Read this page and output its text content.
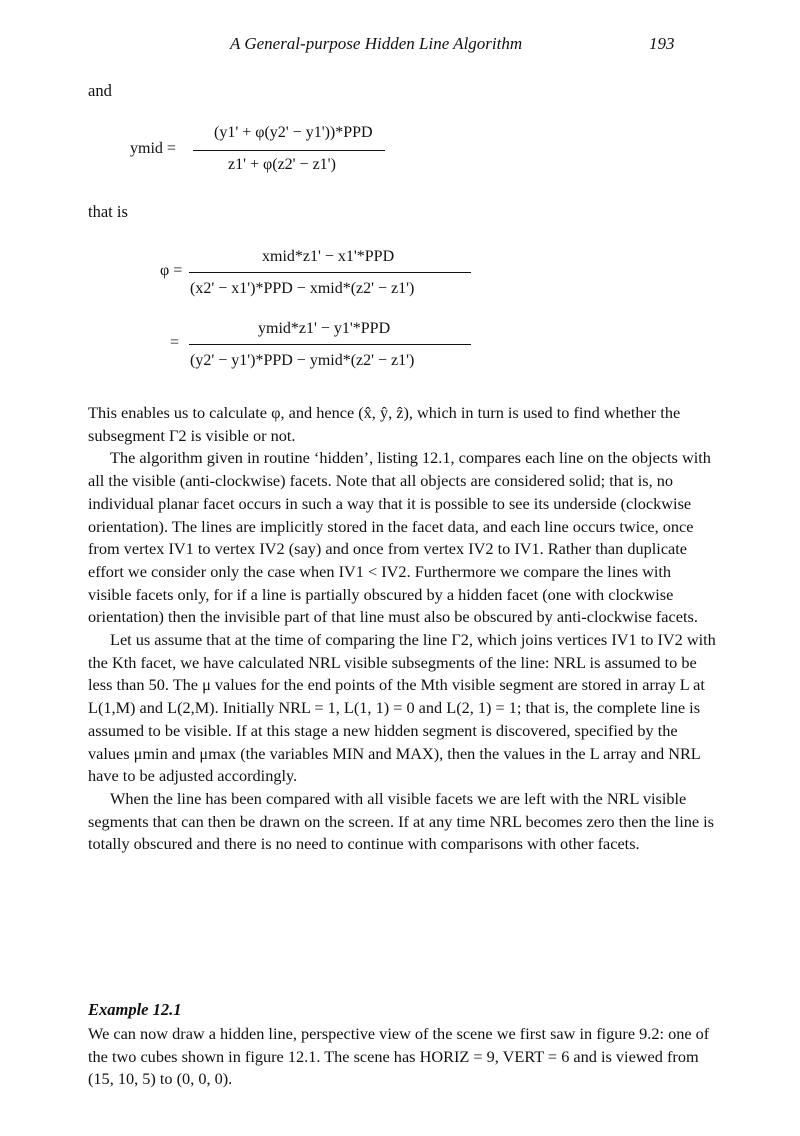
A General-purpose Hidden Line Algorithm	193
and
ymid =
(y1' + φ(y2' − y1'))*PPD
z1' + φ(z2' − z1')
that is
φ =
xmid*z1' − x1'*PPD
(x2' − x1')*PPD − xmid*(z2' − z1')
=
ymid*z1' − y1'*PPD
(y2' − y1')*PPD − ymid*(z2' − z1')

This enables us to calculate φ, and hence (x̂, ŷ, ẑ), which in turn is used to find whether the subsegment Γ2 is visible or not.

The algorithm given in routine ‘hidden’, listing 12.1, compares each line on the objects with all the visible (anti-clockwise) facets. Note that all objects are considered solid; that is, no individual planar facet occurs in such a way that it is possible to see its underside (clockwise orientation). The lines are implicitly stored in the facet data, and each line occurs twice, once from vertex IV1 to vertex IV2 (say) and once from vertex IV2 to IV1. Rather than duplicate effort we consider only the case when IV1 < IV2. Furthermore we compare the lines with visible facets only, for if a line is partially obscured by a hidden facet (one with clockwise orientation) then the invisible part of that line must also be obscured by anti-clockwise facets.

Let us assume that at the time of comparing the line Γ2, which joins vertices IV1 to IV2 with the Kth facet, we have calculated NRL visible subsegments of the line: NRL is assumed to be less than 50. The μ values for the end points of the Mth visible segment are stored in array L at L(1,M) and L(2,M). Initially NRL = 1, L(1, 1) = 0 and L(2, 1) = 1; that is, the complete line is assumed to be visible. If at this stage a new hidden segment is discovered, specified by the values μmin and μmax (the variables MIN and MAX), then the values in the L array and NRL have to be adjusted accordingly.

When the line has been compared with all visible facets we are left with the NRL visible segments that can then be drawn on the screen. If at any time NRL becomes zero then the line is totally obscured and there is no need to continue with comparisons with other facets.

Example 12.1

We can now draw a hidden line, perspective view of the scene we first saw in figure 9.2: one of the two cubes shown in figure 12.1. The scene has HORIZ = 9, VERT = 6 and is viewed from (15, 10, 5) to (0, 0, 0).
